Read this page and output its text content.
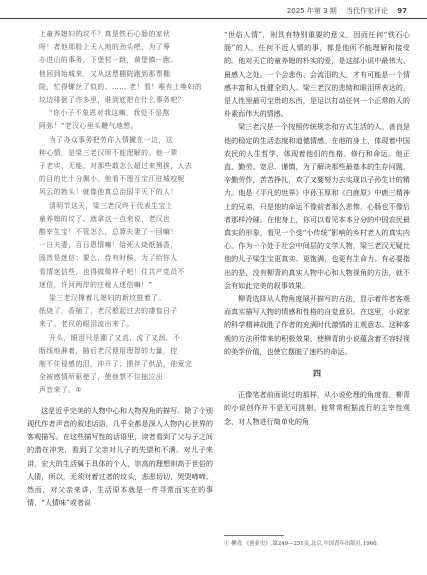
2025 年第 3 期 当代作家评论 97

上童养媳妇的坟不？真是铁石心肠的家伙

呀！者他那股上天入地的劲头吧，为了筹

办进山的事务，下堡村一跳，黄堡镇一跑。

他回到始城来，又从这票棚院跑到那票棚

院，忙得螺丝了似的。…… 老！看！唯有上唤妇的

坟边徘徊了许多里，谁到底把在什么事务吧？

“你小子不象恩对我这嘛，我处不是熬

阿弥！”老汉心里头鞭气地想。

为了办众事务把劳你人情撇在一边，这

种心情，是梁三老汉所不能理解的。他一辈

子老实、无能，对那些敢怎么超过来黑挨，人去

的目的比十分佩小。他看不理互宝江驻城咬呢

风云的勃头！就像他真总治国平天下的人！

清明节这天，梁三老汉终于代表生宝上

童养媳的坟了。就拿这一点来说，老汉也

酷宰生宝！不管怎么，总算夫妻了一回嘛！

一日夫妻，百日恩情嘛！给死人烧纸插香，

固然是迷信；要么，待有时候，为了给你人

看情迷信些，也得做微样子吧！住共产党员不

迷信，许河两岸的庄稼人迷信嘛！”

梁三老汉撑着儿媳妇的新坟推着了。

纸烧了，香插了，老汉憨起过去的凄惶日子

来了。老汉的眼泪流出来了。

开头，眼泪只是潮了又流，流了又润，不

断线地淋着，随后老汉便用理智的力量，控

制不住侵感的泪，冲开了；摆伴了供品，他竟完

全被感情所驱使了，使他禁不住抽泣出

声音来了。①

这是近乎完美的人物中心和人物视角的描写。除了个别现代作者声音的叙述话语，几乎全都是深入人物内心世界的客观描写。在这些描写性的话语里，读者看到了父与子之间的潜在冲突，看到了父亲对儿子的失望和不满。对儿子来讲，宏大的生活属于具体的个人，崇高的理想则高于世俗的人情，所以，无须对着过者的坟头，悲悲切切，哭哭啼啼。然而，对父亲来讲，生活原本就是一件寻常而实在的事情，“人情味”或者说

“世俗人情”，则具有特别重要的意义，因而任何“铁石心肠”的人，任何不近人情的事，都是他所不能理解和接受的。他对天亡的童养媳的朴实的爱，是这部小说中最伟大、最感人之处。一个会悲伤、会流泪的人，才有可能是一个情感丰富和人性健全的人。梁三老汉的悲恸和眼泪所表达的，是人性里最可宝贵的东西，是足以打动任何一个正常的人的朴素而伟大的情感。

梁三老汉是一个按照传统规念和方式生活的人。善良是他的稳定的生活态度和道德情感。在他的身上，体现着中国农民的人生哲学，体现着他们的性格、修行和命运。他正直、勤劳、宽忍、谨慎，为了解决那些最基本的生存问题，辛勤劳作，苦苦挣扎，欢了又要努力去实现以子孙生计的精力。他是《平凡的世界》中孙玉厚和《白鹿原》中鹿三精神上的兄弟，只是他的命运不像前者那么悲惨，心肠也不像后者那样冷硬。在他身上，你可以看见本本分分的中国农民最真实的形象，看见一个受“小传统”影响的乡村老人的真实内心。作为一个处于社会中间层的文学人物，梁三老汉无疑比他的儿子梁生宝更真实、更饱满，也更有生命力。有必要指出的是，没有柳青的真实人物中心和人物视角的方法，就不会有如此完美的叙事效果。

柳青选择从人物角度展开描写的方法，显示着作者客观而真实描写人物的情感和性格的自觉意识。在这里，小说家的科学精神战胜了作者的充满时代激情的主观意志。这种客观的方法所带来的积极效果，使柳青的小说蕴含着不容轻视的美学价值，也使它摆脱了速朽的命运。

四

正像笔者前面说过的那样，从小说伦理的角度看，柳青的小说创作并不是无可挑剔。他常常根据流行的主宰性观念，对人物进行简单化的角

① 柳青:《创业史》,第249—251页,北京,中国青年出版社,1960。
